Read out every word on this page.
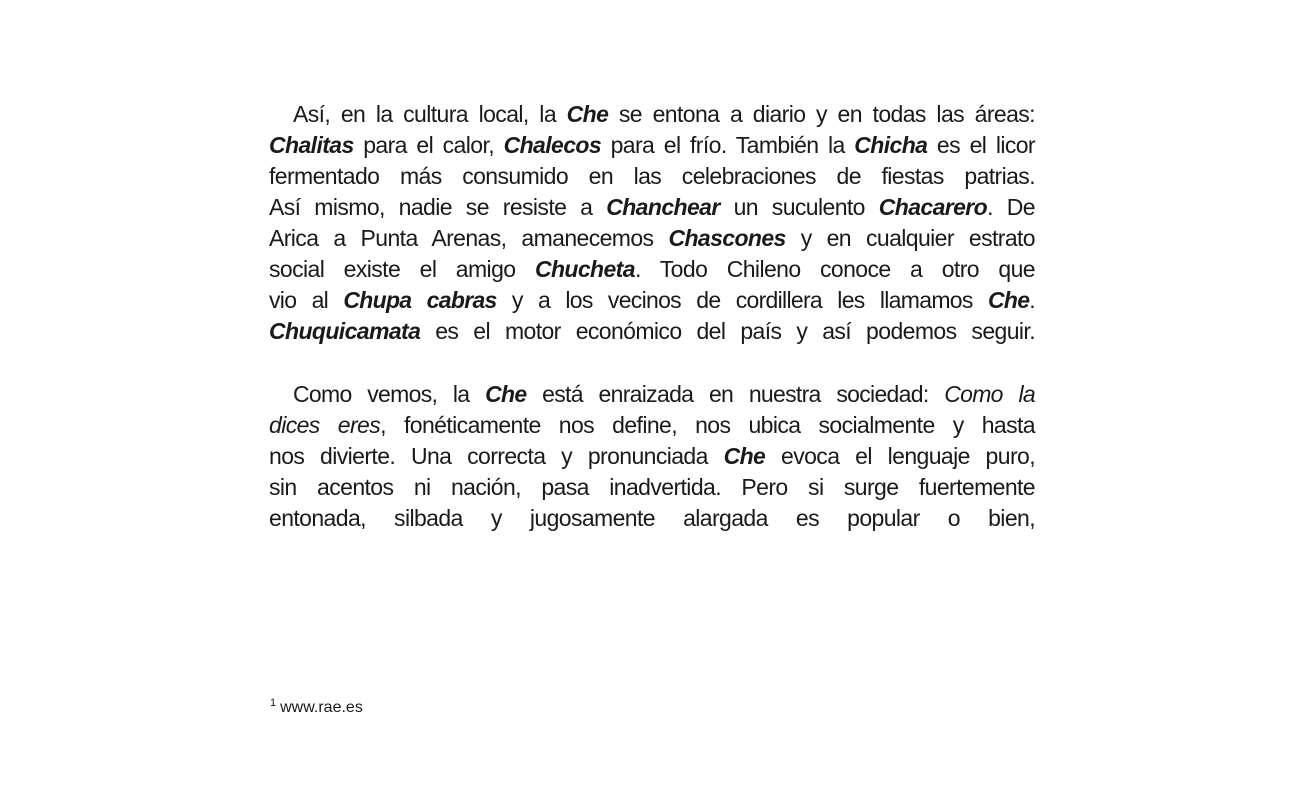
Así, en la cultura local, la Che se entona a diario y en todas las áreas:
Chalitas para el calor, Chalecos para el frío. También la Chicha es el licor
fermentado más consumido en las celebraciones de fiestas patrias.
Así mismo, nadie se resiste a Chanchear un suculento Chacarero. De
Arica a Punta Arenas, amanecemos Chascones y en cualquier estrato
social existe el amigo Chucheta. Todo Chileno conoce a otro que
vio al Chupa cabras y a los vecinos de cordillera les llamamos Che.
Chuquicamata es el motor económico del país y así podemos seguir.
Como vemos, la Che está enraizada en nuestra sociedad: Como la
dices eres, fonéticamente nos define, nos ubica socialmente y hasta
nos divierte. Una correcta y pronunciada Che evoca el lenguaje puro,
sin acentos ni nación, pasa inadvertida. Pero si surge fuertemente
entonada, silbada y jugosamente alargada es popular o bien,
$^1$ www.rae.es
